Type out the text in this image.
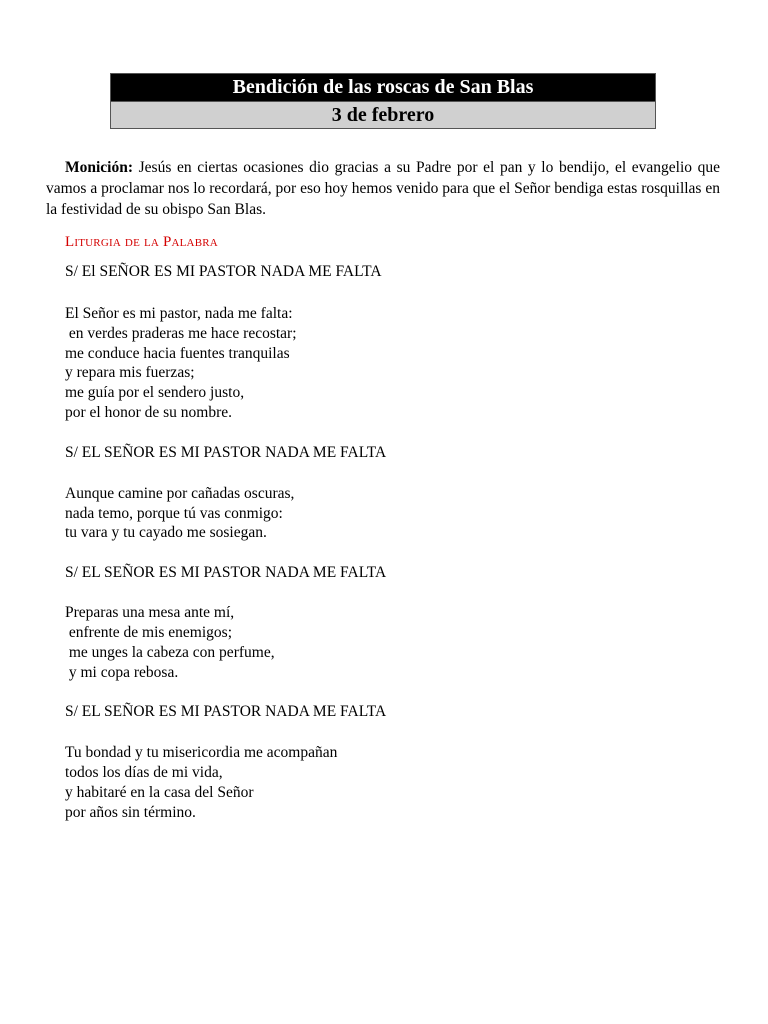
Bendición de las roscas de San Blas
3 de febrero

Monición: Jesús en ciertas ocasiones dio gracias a su Padre por el pan y lo bendijo, el evangelio que vamos a proclamar nos lo recordará, por eso hoy hemos venido para que el Señor bendiga estas rosquillas en la festividad de su obispo San Blas.

Liturgia de la Palabra

S/ El SEÑOR ES MI PASTOR NADA ME FALTA

El Señor es mi pastor, nada me falta:
en verdes praderas me hace recostar;
me conduce hacia fuentes tranquilas
y repara mis fuerzas;
me guía por el sendero justo,
por el honor de su nombre.

S/ EL SEÑOR ES MI PASTOR NADA ME FALTA

Aunque camine por cañadas oscuras,
nada temo, porque tú vas conmigo:
tu vara y tu cayado me sosiegan.

S/ EL SEÑOR ES MI PASTOR NADA ME FALTA

Preparas una mesa ante mí,
enfrente de mis enemigos;
me unges la cabeza con perfume,
y mi copa rebosa.

S/ EL SEÑOR ES MI PASTOR NADA ME FALTA

Tu bondad y tu misericordia me acompañan
todos los días de mi vida,
y habitaré en la casa del Señor
por años sin término.
